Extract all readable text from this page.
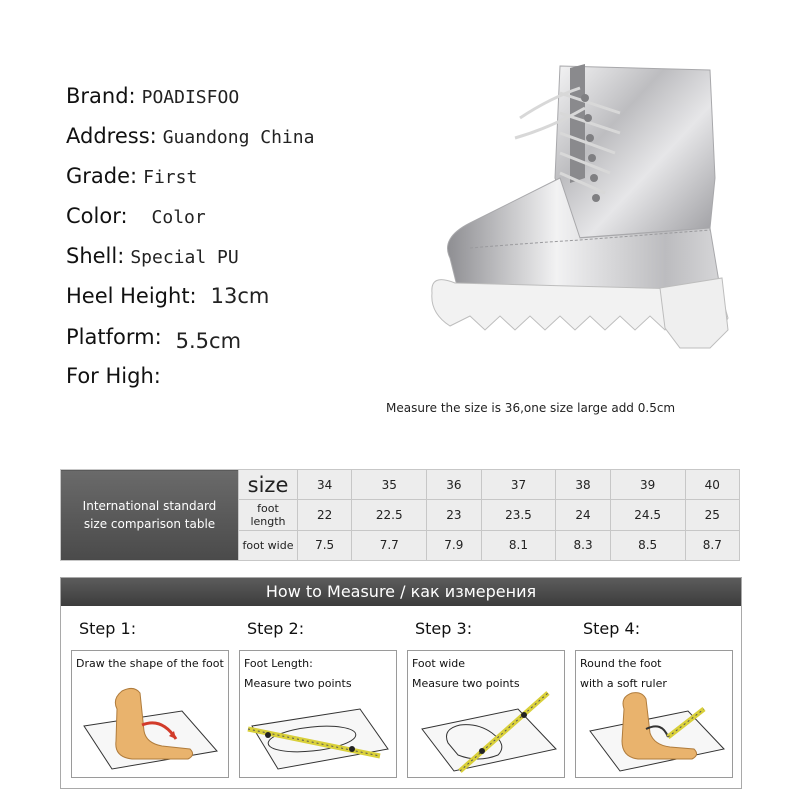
Brand: POADISFOO
Address: Guandong China
Grade: First
Color: Color
Shell: Special PU
Heel Height: 13cm
Platform: 5.5cm
For High:
Measure the size is 36,one size large add 0.5cm
International standard
size comparison table	size	34	35	36	37	38	39	40
	foot length	22	22.5	23	23.5	24	24.5	25
	foot wide	7.5	7.7	7.9	8.1	8.3	8.5	8.7
How to Measure / как измерения
Step 1:
Draw the shape of the foot
Step 2:
Foot Length:
Measure two points
Step 3:
Foot wide
Measure two points
Step 4:
Round the foot
with a soft ruler
